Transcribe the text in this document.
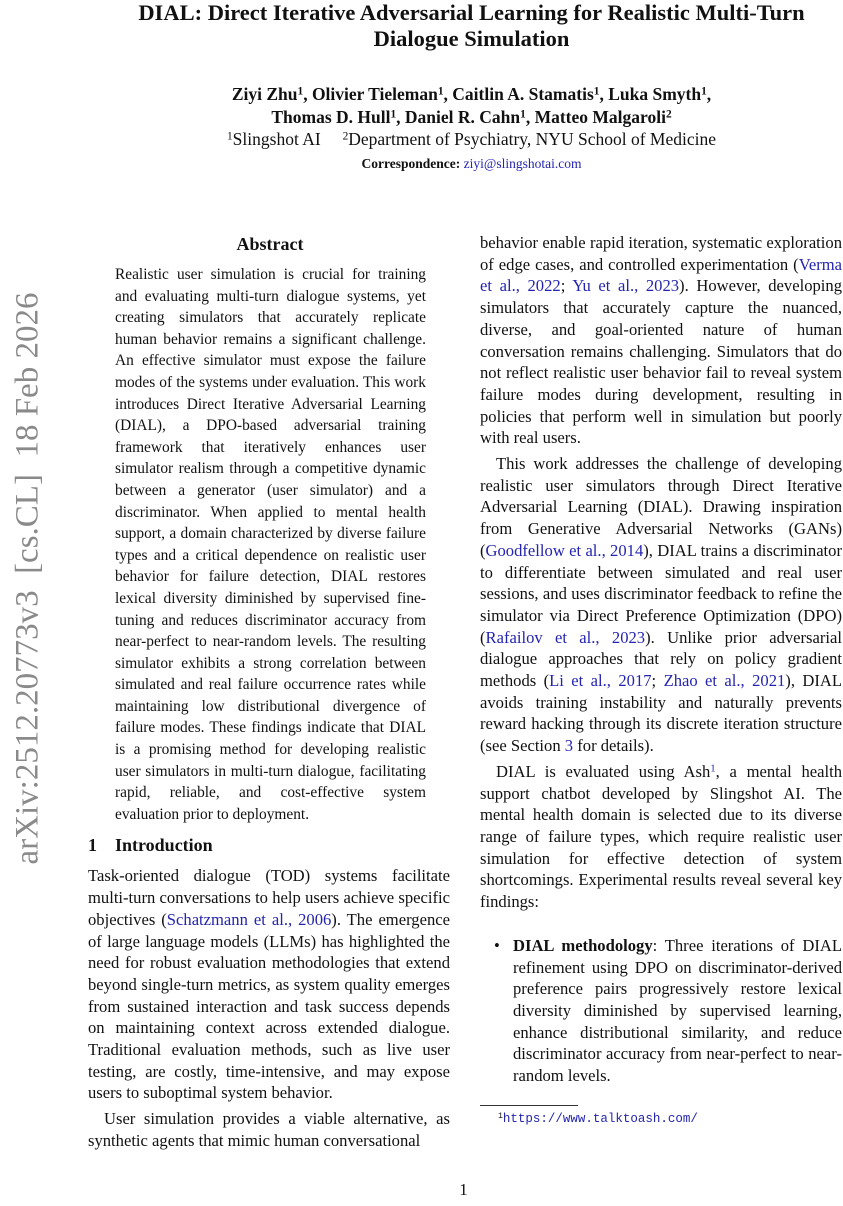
DIAL: Direct Iterative Adversarial Learning for Realistic Multi-Turn Dialogue Simulation
Ziyi Zhu$^1$, Olivier Tieleman$^1$, Caitlin A. Stamatis$^1$, Luka Smyth$^1$,
Thomas D. Hull$^1$, Daniel R. Cahn$^1$, Matteo Malgaroli$^2$
$^1$Slingshot AI  $^2$Department of Psychiatry, NYU School of Medicine
Correspondence: ziyi@slingshotai.com
arXiv:2512.20773v3  [cs.CL]  18 Feb 2026
Abstract
Realistic user simulation is crucial for training and evaluating multi-turn dialogue systems, yet creating simulators that accurately replicate human behavior remains a significant challenge. An effective simulator must expose the failure modes of the systems under evaluation. This work introduces Direct Iterative Adversarial Learning (DIAL), a DPO-based adversarial training framework that iteratively enhances user simulator realism through a competitive dynamic between a generator (user simulator) and a discriminator. When applied to mental health support, a domain characterized by diverse failure types and a critical dependence on realistic user behavior for failure detection, DIAL restores lexical diversity diminished by supervised fine-tuning and reduces discriminator accuracy from near-perfect to near-random levels. The resulting simulator exhibits a strong correlation between simulated and real failure occurrence rates while maintaining low distributional divergence of failure modes. These findings indicate that DIAL is a promising method for developing realistic user simulators in multi-turn dialogue, facilitating rapid, reliable, and cost-effective system evaluation prior to deployment.
1 Introduction

Task-oriented dialogue (TOD) systems facilitate multi-turn conversations to help users achieve specific objectives (Schatzmann et al., 2006). The emergence of large language models (LLMs) has highlighted the need for robust evaluation methodologies that extend beyond single-turn metrics, as system quality emerges from sustained interaction and task success depends on maintaining context across extended dialogue. Traditional evaluation methods, such as live user testing, are costly, time-intensive, and may expose users to suboptimal system behavior.

User simulation provides a viable alternative, as synthetic agents that mimic human conversational

behavior enable rapid iteration, systematic exploration of edge cases, and controlled experimentation (Verma et al., 2022; Yu et al., 2023). However, developing simulators that accurately capture the nuanced, diverse, and goal-oriented nature of human conversation remains challenging. Simulators that do not reflect realistic user behavior fail to reveal system failure modes during development, resulting in policies that perform well in simulation but poorly with real users.

This work addresses the challenge of developing realistic user simulators through Direct Iterative Adversarial Learning (DIAL). Drawing inspiration from Generative Adversarial Networks (GANs) (Goodfellow et al., 2014), DIAL trains a discriminator to differentiate between simulated and real user sessions, and uses discriminator feedback to refine the simulator via Direct Preference Optimization (DPO) (Rafailov et al., 2023). Unlike prior adversarial dialogue approaches that rely on policy gradient methods (Li et al., 2017; Zhao et al., 2021), DIAL avoids training instability and naturally prevents reward hacking through its discrete iteration structure (see Section 3 for details).

DIAL is evaluated using Ash$^1$, a mental health support chatbot developed by Slingshot AI. The mental health domain is selected due to its diverse range of failure types, which require realistic user simulation for effective detection of system shortcomings. Experimental results reveal several key findings:

• DIAL methodology: Three iterations of DIAL refinement using DPO on discriminator-derived preference pairs progressively restore lexical diversity diminished by supervised learning, enhance distributional similarity, and reduce discriminator accuracy from near-perfect to near-random levels.
$^1$https://www.talktoash.com/
1
